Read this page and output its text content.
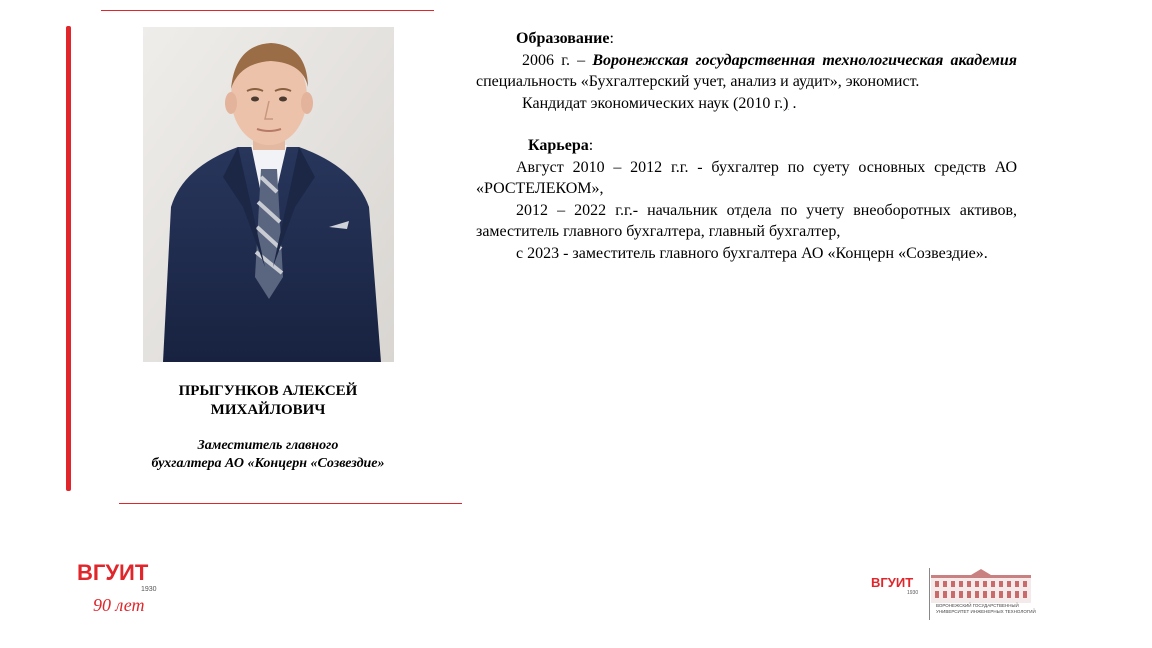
ПРЫГУНКОВ АЛЕКСЕЙ
МИХАЙЛОВИЧ
Заместитель главного
бухгалтера АО «Концерн «Созвездие»

Образование:

2006 г. – Воронежская государственная технологическая академия специальность «Бухгалтерский учет, анализ и аудит», экономист.

Кандидат экономических наук (2010 г.) .

Карьера:

Август 2010 – 2012 г.г. - бухгалтер по суету основных средств АО «РОСТЕЛЕКОМ»,

2012 – 2022 г.г.- начальник отдела по учету внеоборотных активов, заместитель главного бухгалтера, главный бухгалтер,

с 2023 - заместитель главного бухгалтера АО «Концерн «Созвездие».

ВГУИТ
1930
90 лет
ВГУИТ
1930
ВОРОНЕЖСКИЙ ГОСУДАРСТВЕННЫЙ УНИВЕРСИТЕТ ИНЖЕНЕРНЫХ ТЕХНОЛОГИЙ
